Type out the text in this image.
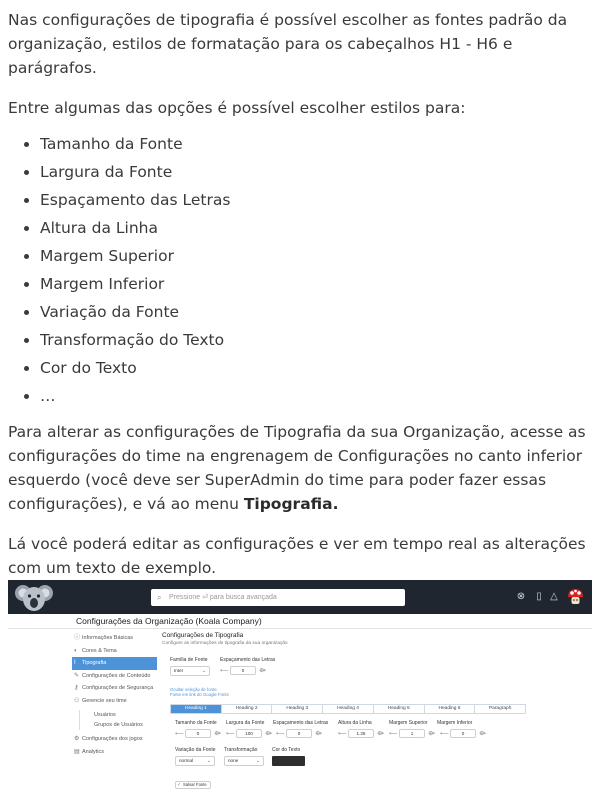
Nas configurações de tipografia é possível escolher as fontes padrão da organização, estilos de formatação para os cabeçalhos H1 - H6 e parágrafos.

Entre algumas das opções é possível escolher estilos para:

• Tamanho da Fonte
• Largura da Fonte
• Espaçamento das Letras
• Altura da Linha
• Margem Superior
• Margem Inferior
• Variação da Fonte
• Transformação do Texto
• Cor do Texto
• …

Para alterar as configurações de Tipografia da sua Organização, acesse as configurações do time na engrenagem de Configurações no canto inferior esquerdo (você deve ser SuperAdmin do time para poder fazer essas configurações), e vá ao menu Tipografia.

Lá você poderá editar as configurações e ver em tempo real as alterações com um texto de exemplo.

⌕ Pressione ⏎ para busca avançada	⊗ ▯ △
Configurações da Organização (Koala Company)
ⓘ Informações Básicas
◐ Cores & Tema
I Tipografia
✎ Configurações de Conteúdo
⚷ Configurações de Segurança
⚇ Gerencie seu time
Usuários
Grupos de Usuários
⚙ Configurações dos jogos
▤ Analytics
Configurações de Tipografia
Configure as informações de tipografia da sua organização
Família de Fonte
Inter	⌄
Espaçamento das Letras
⟵	0	⟴
Ocultar seleção de fonte
Fonte em link do Google Fonts
Heading 1	Heading 2	Heading 3	Heading 4	Heading 5	Heading 6	Paragraph
Tamanho da Fonte
⟵	0	⟴
Largura da Fonte
⟵	100	⟴
Espaçamento das Letras
⟵	0	⟴
Altura da Linha
⟵	1.25	⟴
Margem Superior
⟵	1	⟴
Margem Inferior
⟵	0	⟴
Variação da Fonte
normal	⌄
Transformação
none	⌄
Cor do Texto
✓ Salvar Fonte
